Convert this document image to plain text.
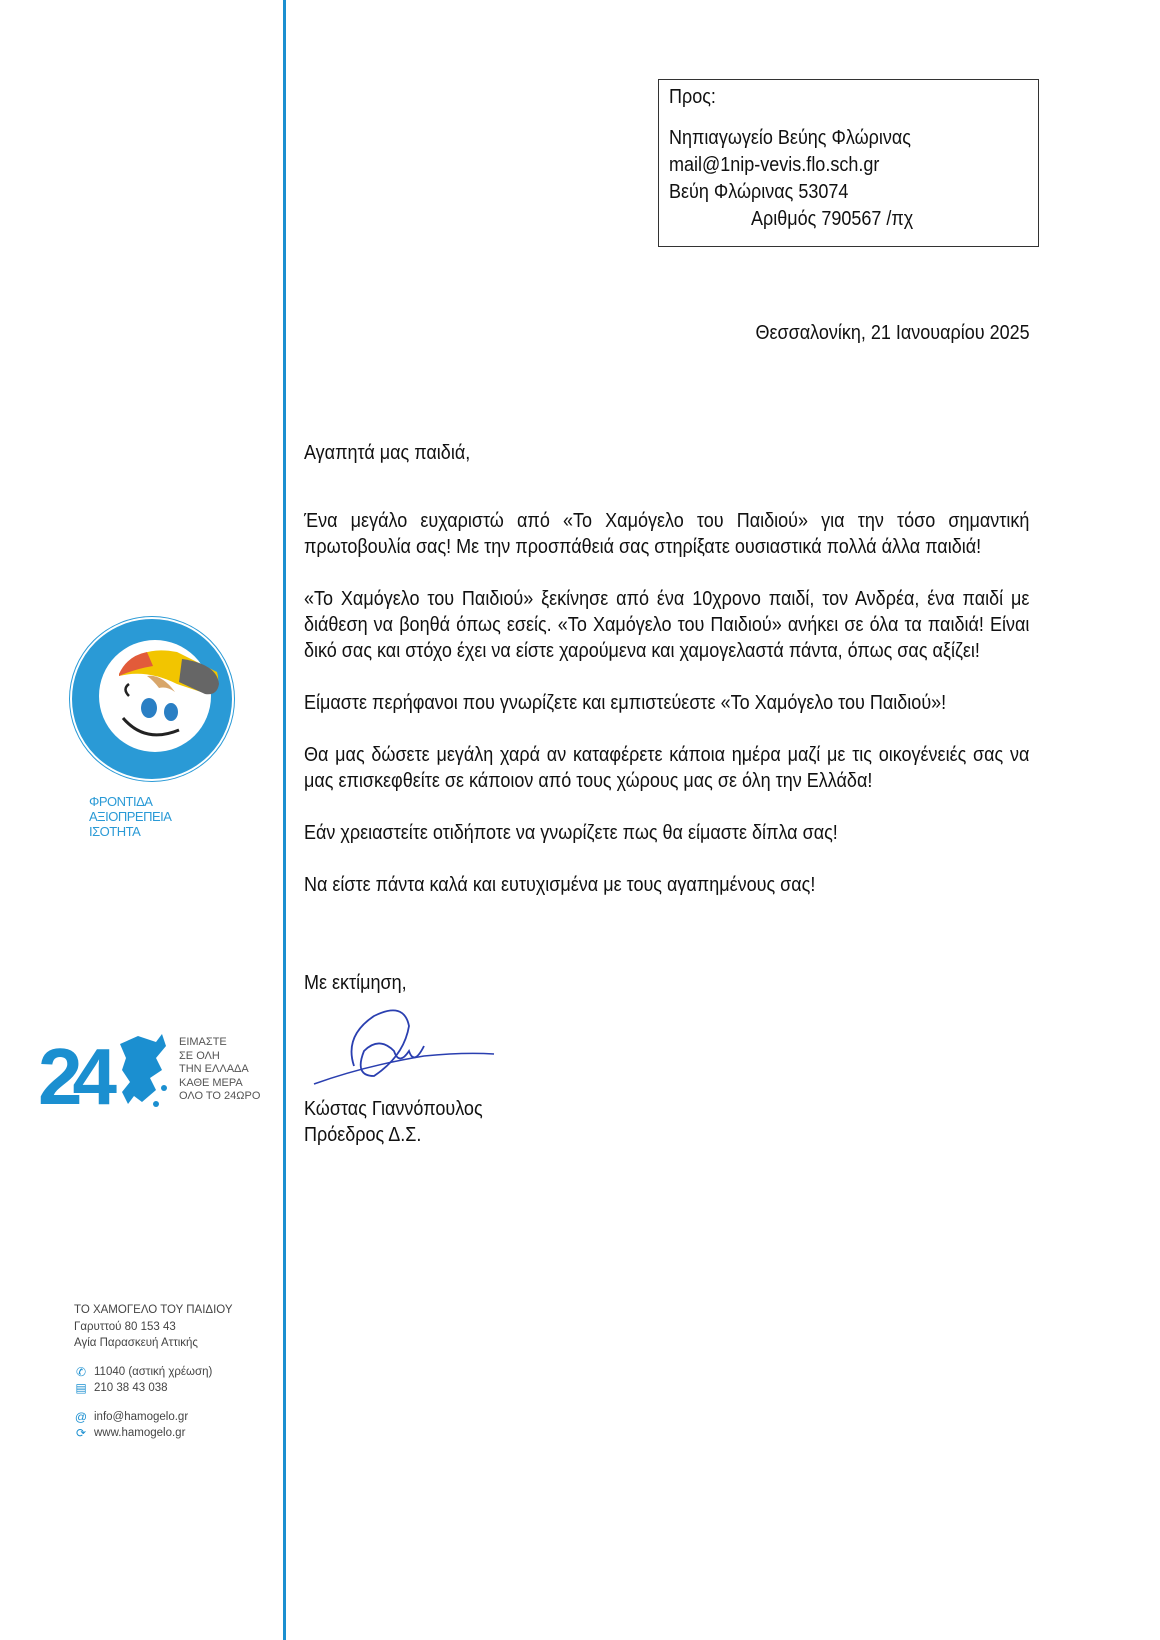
ΦΡΟΝΤΙΔΑ
ΑΞΙΟΠΡΕΠΕΙΑ
ΙΣΟΤΗΤΑ
24	ΕΙΜΑΣΤΕ
ΣΕ ΟΛΗ
ΤΗΝ ΕΛΛΑΔΑ
ΚΑΘΕ ΜΕΡΑ
ΟΛΟ ΤΟ 24ΩΡΟ
ΤΟ ΧΑΜΟΓΕΛΟ ΤΟΥ ΠΑΙΔΙΟΥ
Γαρυττού 80 153 43
Αγία Παρασκευή Αττικής
✆ 11040 (αστική χρέωση)
▤ 210 38 43 038
@ info@hamogelo.gr
⟳ www.hamogelo.gr
Προς:
Νηπιαγωγείο Βεύης Φλώρινας
mail@1nip-vevis.flo.sch.gr
Βεύη Φλώρινας 53074
Αριθμός 790567 /πχ
Θεσσαλονίκη, 21 Ιανουαρίου 2025

Αγαπητά μας παιδιά,

Ένα μεγάλο ευχαριστώ από «Το Χαμόγελο του Παιδιού» για την τόσο σημαντική πρωτοβουλία σας! Με την προσπάθειά σας στηρίξατε ουσιαστικά πολλά άλλα παιδιά!

«Το Χαμόγελο του Παιδιού» ξεκίνησε από ένα 10χρονο παιδί, τον Ανδρέα, ένα παιδί με διάθεση να βοηθά όπως εσείς. «Το Χαμόγελο του Παιδιού» ανήκει σε όλα τα παιδιά! Είναι δικό σας και στόχο έχει να είστε χαρούμενα και χαμογελαστά πάντα, όπως σας αξίζει!

Είμαστε περήφανοι που γνωρίζετε και εμπιστεύεστε «Το Χαμόγελο του Παιδιού»!

Θα μας δώσετε μεγάλη χαρά αν καταφέρετε κάποια ημέρα μαζί με τις οικογένειές σας να μας επισκεφθείτε σε κάποιον από τους χώρους μας σε όλη την Ελλάδα!

Εάν χρειαστείτε οτιδήποτε να γνωρίζετε πως θα είμαστε δίπλα σας!

Να είστε πάντα καλά και ευτυχισμένα με τους αγαπημένους σας!

Με εκτίμηση,
Κώστας Γιαννόπουλος
Πρόεδρος Δ.Σ.
